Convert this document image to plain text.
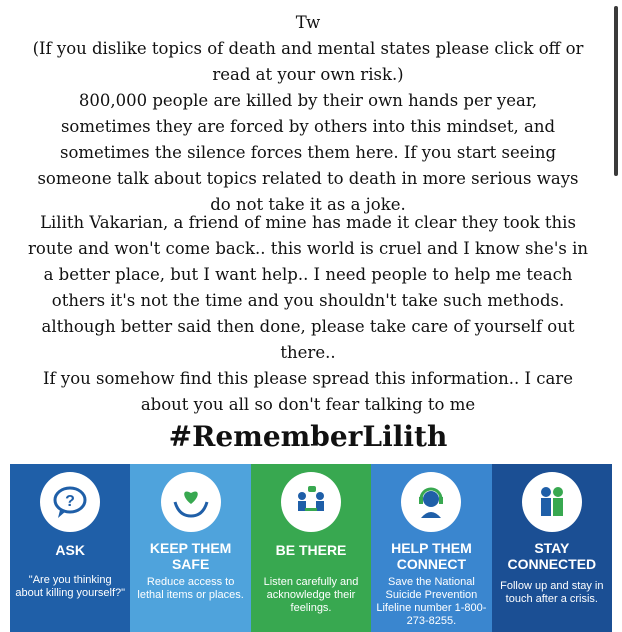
Tw
(If you dislike topics of death and mental states please click off or
read at your own risk.)
800,000 people are killed by their own hands per year,
sometimes they are forced by others into this mindset, and
sometimes the silence forces them here. If you start seeing
someone talk about topics related to death in more serious ways
do not take it as a joke.
Lilith Vakarian, a friend of mine has made it clear they took this
route and won't come back.. this world is cruel and I know she's in
a better place, but I want help.. I need people to help me teach
others it's not the time and you shouldn't take such methods.
although better said then done, please take care of yourself out
there..
If you somehow find this please spread this information.. I care
about you all so don't fear talking to me
#RememberLilith
?
ASK
"Are you thinking about killing yourself?"
KEEP THEM SAFE
Reduce access to lethal items or places.
BE THERE
Listen carefully and acknowledge their feelings.
HELP THEM CONNECT
Save the National Suicide Prevention Lifeline number 1-800-273-8255.
STAY CONNECTED
Follow up and stay in touch after a crisis.
